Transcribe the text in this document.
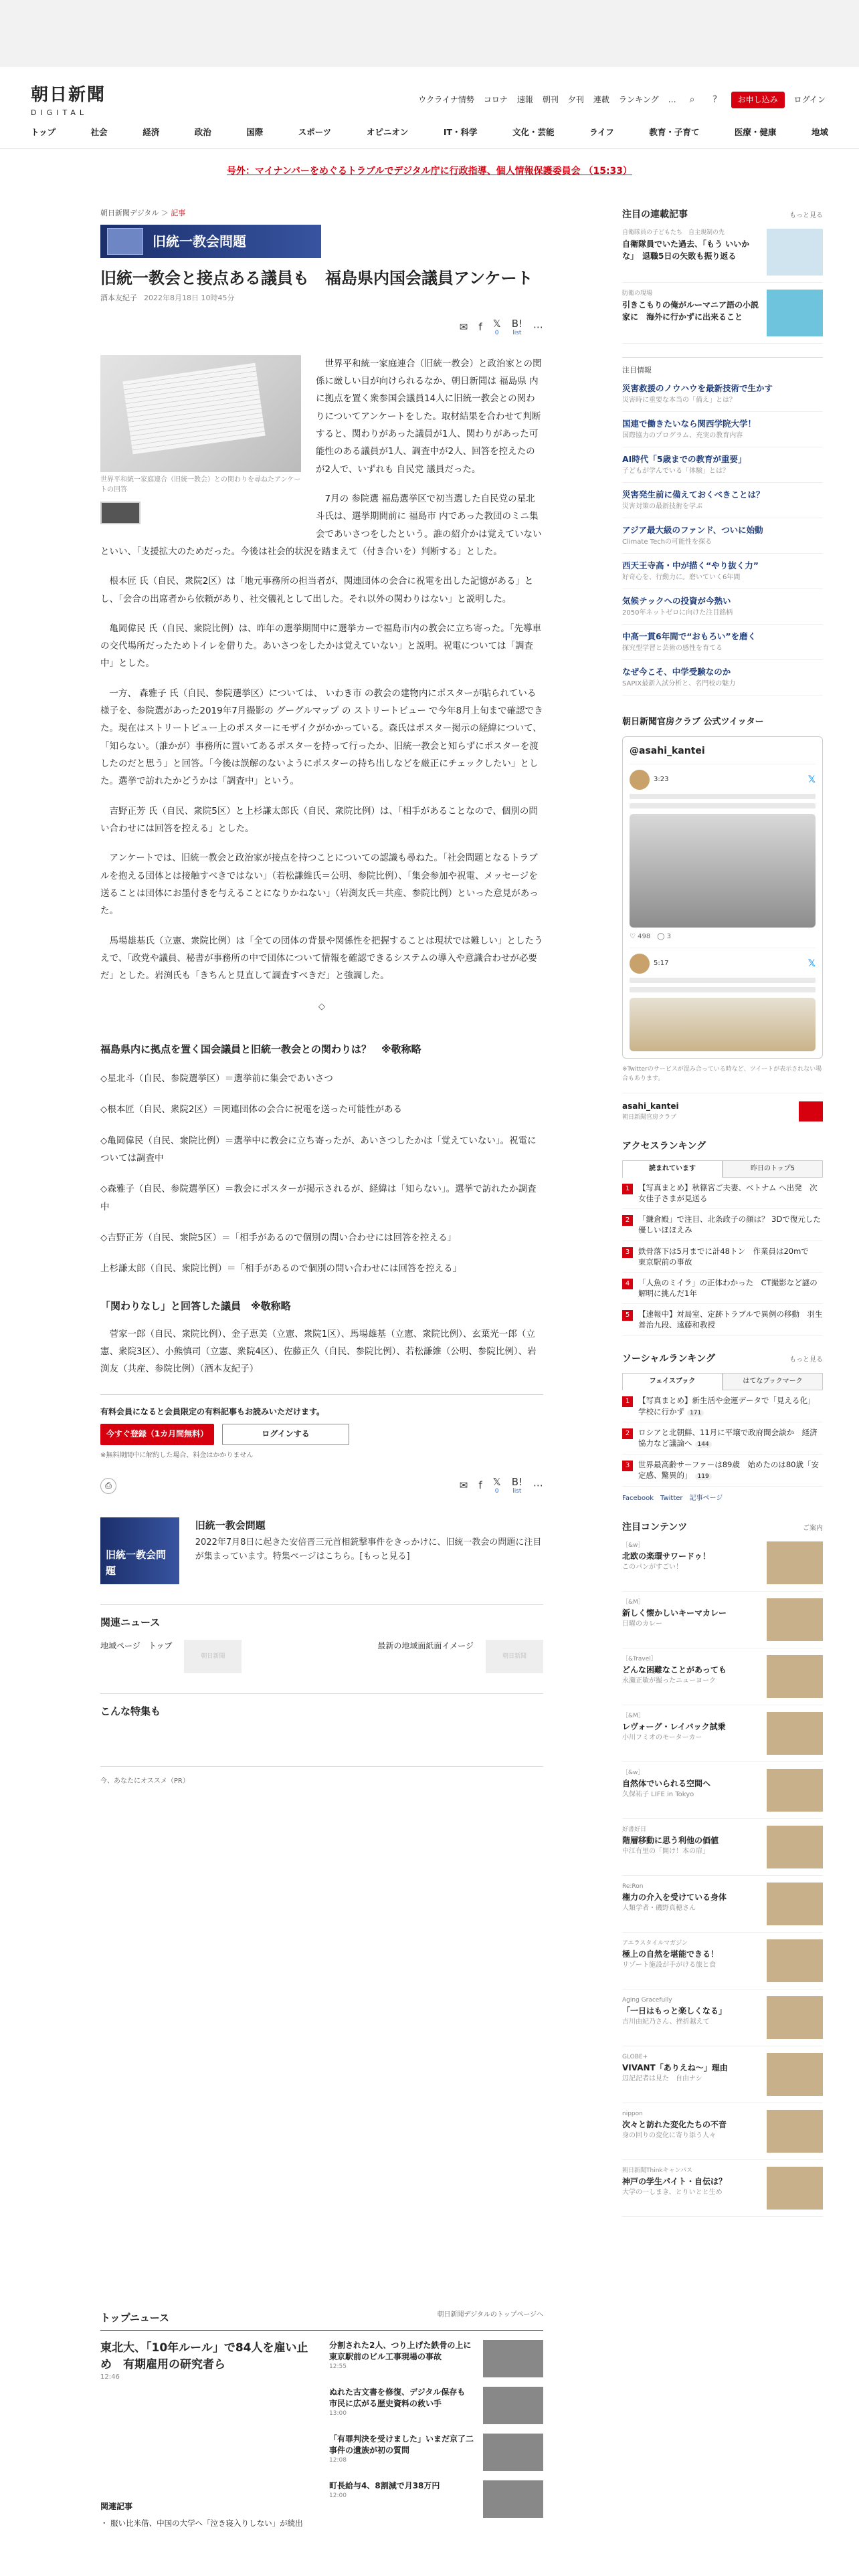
朝日新聞
DIGITAL
ウクライナ情勢 コロナ 速報 朝刊 夕刊 連載 ランキング …	⌕	?	お申し込み	ログイン
トップ	社会	経済	政治	国際	スポーツ	オピニオン	IT・科学	文化・芸能	ライフ	教育・子育て	医療・健康	地域
号外：マイナンバーをめぐるトラブルでデジタル庁に行政指導、個人情報保護委員会 （15:33）
朝日新聞デジタル ＞ 記事
旧統一教会問題
旧統一教会と接点ある議員も　福島県内国会議員アンケート
酒本友紀子 2022年8月18日 10時45分
✉ f 𝕏
0
B!
list ⋯
世界平和統一家庭連合（旧統一教会）との関わりを尋ねたアンケートの回答

世界平和統一家庭連合（旧統一教会）と政治家との関係に厳しい目が向けられるなか、朝日新聞は 福島県 内に拠点を置く衆参国会議員14人に旧統一教会との関わりについてアンケートをした。取材結果を合わせて判断すると、関わりがあった議員が1人、関わりがあった可能性のある議員が1人、調査中が2人、回答を控えたのが2人で、いずれも 自民党 議員だった。

7月の 参院選 福島選挙区で初当選した自民党の星北斗氏は、選挙期間前に 福島市 内であった教団のミニ集会であいさつをしたという。誰の紹介かは覚えていないといい、「支援拡大のためだった。今後は社会的状況を踏まえて（付き合いを）判断する」とした。

根本匠 氏（自民、衆院2区）は「地元事務所の担当者が、関連団体の会合に祝電を出した記憶がある」とし、「会合の出席者から依頼があり、社交儀礼として出した。それ以外の関わりはない」と説明した。

亀岡偉民 氏（自民、衆院比例）は、昨年の選挙期間中に選挙カーで福島市内の教会に立ち寄った。「先導車の交代場所だったためトイレを借りた。あいさつをしたかは覚えていない」と説明。祝電については「調査中」とした。

一方、 森雅子 氏（自民、参院選挙区）については、 いわき市 の教会の建物内にポスターが貼られている様子を、参院選があった2019年7月撮影の グーグルマップ の ストリートビュー で今年8月上旬まで確認できた。現在はストリートビュー上のポスターにモザイクがかかっている。森氏はポスター掲示の経緯について、「知らない。（誰かが）事務所に置いてあるポスターを持って行ったか、旧統一教会と知らずにポスターを渡したのだと思う」と回答。「今後は誤解のないようにポスターの持ち出しなどを厳正にチェックしたい」とした。選挙で訪れたかどうかは「調査中」という。

吉野正芳 氏（自民、衆院5区）と上杉謙太郎氏（自民、衆院比例）は、「相手があることなので、個別の問い合わせには回答を控える」とした。

アンケートでは、旧統一教会と政治家が接点を持つことについての認識も尋ねた。「社会問題となるトラブルを抱える団体とは接触すべきではない」（若松謙維氏＝公明、参院比例）、「集会参加や祝電、メッセージを送ることは団体にお墨付きを与えることになりかねない」（岩渕友氏＝共産、参院比例）といった意見があった。

馬場雄基氏（立憲、衆院比例）は「全ての団体の背景や関係性を把握することは現状では難しい」としたうえで、「政党や議員、秘書が事務所の中で団体について情報を確認できるシステムの導入や意識合わせが必要だ」とした。岩渕氏も「きちんと見直して調査すべきだ」と強調した。

◇
福島県内に拠点を置く国会議員と旧統一教会との関わりは？　※敬称略

◇星北斗（自民、参院選挙区）＝選挙前に集会であいさつ

◇根本匠（自民、衆院2区）＝関連団体の会合に祝電を送った可能性がある

◇亀岡偉民（自民、衆院比例）＝選挙中に教会に立ち寄ったが、あいさつしたかは「覚えていない」。祝電については調査中

◇森雅子（自民、参院選挙区）＝教会にポスターが掲示されるが、経緯は「知らない」。選挙で訪れたか調査中

◇吉野正芳（自民、衆院5区）＝「相手があるので個別の問い合わせには回答を控える」

上杉謙太郎（自民、衆院比例）＝「相手があるので個別の問い合わせには回答を控える」

「関わりなし」と回答した議員　※敬称略

菅家一郎（自民、衆院比例）、金子恵美（立憲、衆院1区）、馬場雄基（立憲、衆院比例）、玄葉光一郎（立憲、衆院3区）、小熊慎司（立憲、衆院4区）、佐藤正久（自民、参院比例）、若松謙維（公明、参院比例）、岩渕友（共産、参院比例）（酒本友紀子）

有料会員になると会員限定の有料記事もお読みいただけます。
今すぐ登録（1カ月間無料）	ログインする
※無料期間中に解約した場合、料金はかかりません
⎙	✉ f 𝕏
0
B!
list ⋯
旧統一教会問題
旧統一教会問題
2022年7月8日に起きた安倍晋三元首相銃撃事件をきっかけに、旧統一教会の問題に注目が集まっています。特集ページはこちら。[もっと見る]
関連ニュース
地域ページ　トップ
朝日新聞
最新の地域面紙面イメージ
朝日新聞
こんな特集も
今、あなたにオススメ（PR）
注目の連載記事	もっと見る
自衛隊員の子どもたち　自主規制の先
自衛隊員でいた過去、「もう いいかな」　退職5日の矢敗も振り返る
防衛の現場
引きこもりの俺がルーマニア語の小説家に　海外に行かずに出来ること
注目情報
災害救援のノウハウを最新技術で生かす
災害時に重要な本当の「備え」とは？
国連で働きたいなら関西学院大学！
国際協力のプログラム、充実の教育内容
AI時代「5歳までの教育が重要」
子どもが学んでいる「体験」とは？
災害発生前に備えておくべきことは？
災害対策の最新技術を学ぶ
アジア最大級のファンド、ついに始動
Climate Techの可能性を探る
西天王寺高・中が描く“やり抜く力”
好奇心を、行動力に。磨いていく6年間
気候テックへの投資が今熱い
2050年ネットゼロに向けた注目銘柄
中高一貫6年間で“おもろい”を磨く
探究型学習と芸術の感性を育てる
なぜ今こそ、中学受験なのか
SAPIX最新入試分析と、名門校の魅力
朝日新聞官房クラブ 公式ツイッター
@asahi_kantei
3:23	𝕏
♡ 498　 ◯ 3
5:17	𝕏
※Twitterのサービスが混み合っている時など、ツイートが表示されない場合もあります。
asahi_kantei
朝日新聞官房クラブ
アクセスランキング
読まれています	昨日のトップ5
1	【写真まとめ】秋篠宮ご夫妻、ベトナム へ出発　次女佳子さまが見送る
2	「鎌倉殿」で注目、北条政子の顔は？ 3Dで復元した優しいほほえみ
3	鉄骨落下は5月までに計48トン　作業員は20mで　東京駅前の事故
4	「人魚のミイラ」の正体わかった　CT撮影など謎の解明に挑んだ1年
5	【速報中】対局室、定跡トラブルで異例の移動　羽生善治九段、遠藤和教授
ソーシャルランキング	もっと見る
フェイスブック	はてなブックマーク
1	【写真まとめ】新生活や金運データで「見える化」　学校に行かず 171
2	ロシアと北朝鮮、11月に平壌で政府間会談か　経済協力など議論へ 144
3	世界最高齢サーファーは89歳　始めたのは80歳「安定感、驚異的」 119
Facebook Twitter 記事ページ
注目コンテンツ	ご案内
［&w］
北欧の楽環サワードゥ！
このパンがすごい！
［&M］
新しく懐かしいキーマカレー
日曜のカレー
［&Travel］
どんな困難なことがあっても
永瀬正敏が撮ったニューヨーク
［&M］
レヴォーグ・レイバック試乗
小川フミオのモーターカー
［&w］
自然体でいられる空間へ
久保祐子 LIFE in Tokyo
好書好日
階層移動に思う利他の価値
中江有里の「開け！本の扉」
Re:Ron
権力の介入を受けている身体
人類学者・磯野真穂さん
アエラスタイルマガジン
極上の自然を堪能できる！
リゾート施設が手がける旅と食
Aging Gracefully
「一日はもっと楽しくなる」
吉川由紀乃さん、挫折越えて
GLOBE+
VIVANT「ありえね～」理由
辺記記者は見た　自由ナシ
nippon
次々と訪れた変化たちの不音
身の回りの変化に寄り添う人々
朝日新聞Thinkキャンパス
神戸の学生パイト・自伝は？
大学の一しまき、とりいとと生め
トップニュース	朝日新聞デジタルのトップページへ
東北大、「10年ルール」で84人を雇い止め　有期雇用の研究者ら
12:46
分割された2人、つり上げた鉄骨の上に　東京駅前のビル工事現場の事故
12:55
ぬれた古文書を修復、デジタル保存も　市民に広がる歴史資料の救い手
13:00
「有罪判決を受けました」いまだ京了二事件の遺族が初の質問
12:08
町長給与4、8割減で月38万円
12:00
関連記事

・ 服い比米借、中国の大学へ「泣き寝入りしない」が続出
